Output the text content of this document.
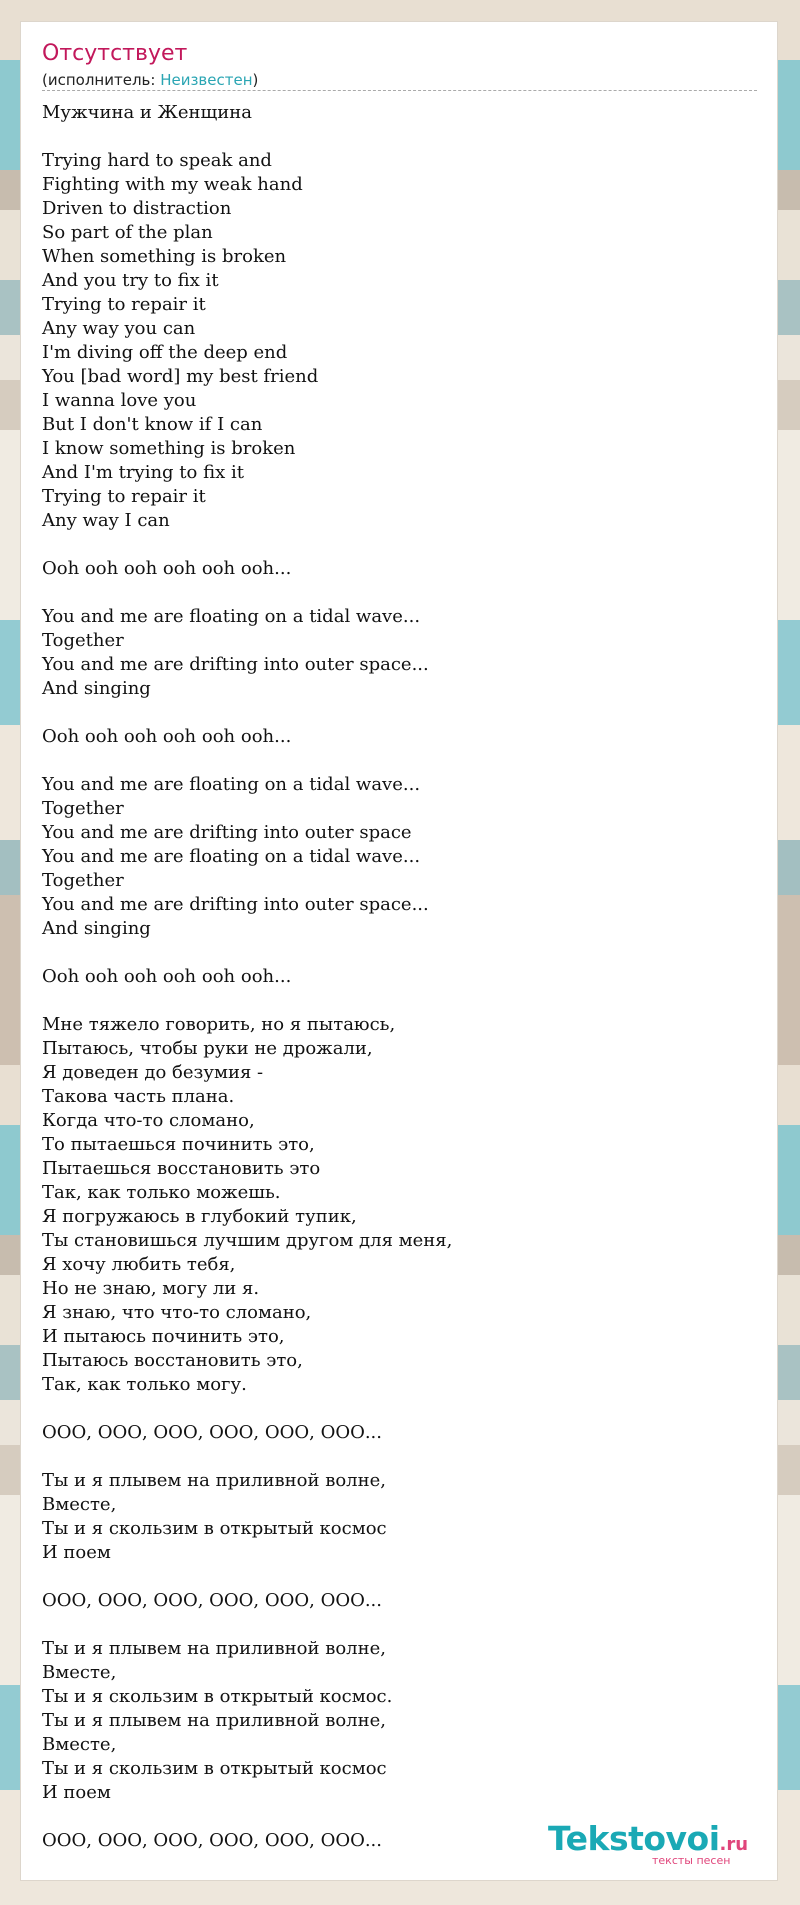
Отсутствует
(исполнитель: Неизвестен)
Мужчина и Женщина

Trying hard to speak and
Fighting with my weak hand
Driven to distraction
So part of the plan
When something is broken
And you try to fix it
Trying to repair it
Any way you can
I'm diving off the deep end
You [bad word] my best friend
I wanna love you
But I don't know if I can
I know something is broken
And I'm trying to fix it
Trying to repair it
Any way I can

Ooh ooh ooh ooh ooh ooh...

You and me are floating on a tidal wave...
Together
You and me are drifting into outer space...
And singing

Ooh ooh ooh ooh ooh ooh...

You and me are floating on a tidal wave...
Together
You and me are drifting into outer space
You and me are floating on a tidal wave...
Together
You and me are drifting into outer space...
And singing

Ooh ooh ooh ooh ooh ooh...

Мне тяжело говорить, но я пытаюсь,
Пытаюсь, чтобы руки не дрожали,
Я доведен до безумия -
Такова часть плана.
Когда что-то сломано,
То пытаешься починить это,
Пытаешься восстановить это
Так, как только можешь.
Я погружаюсь в глубокий тупик,
Ты становишься лучшим другом для меня,
Я хочу любить тебя,
Но не знаю, могу ли я.
Я знаю, что что-то сломано,
И пытаюсь починить это,
Пытаюсь восстановить это,
Так, как только могу.

ООО, ООО, ООО, ООО, ООО, ООО...

Ты и я плывем на приливной волне,
Вместе,
Ты и я скользим в открытый космос
И поем

ООО, ООО, ООО, ООО, ООО, ООО...

Ты и я плывем на приливной волне,
Вместе,
Ты и я скользим в открытый космос.
Ты и я плывем на приливной волне,
Вместе,
Ты и я скользим в открытый космос
И поем

ООО, ООО, ООО, ООО, ООО, ООО...	Tekstovoi.ru
тексты песен
